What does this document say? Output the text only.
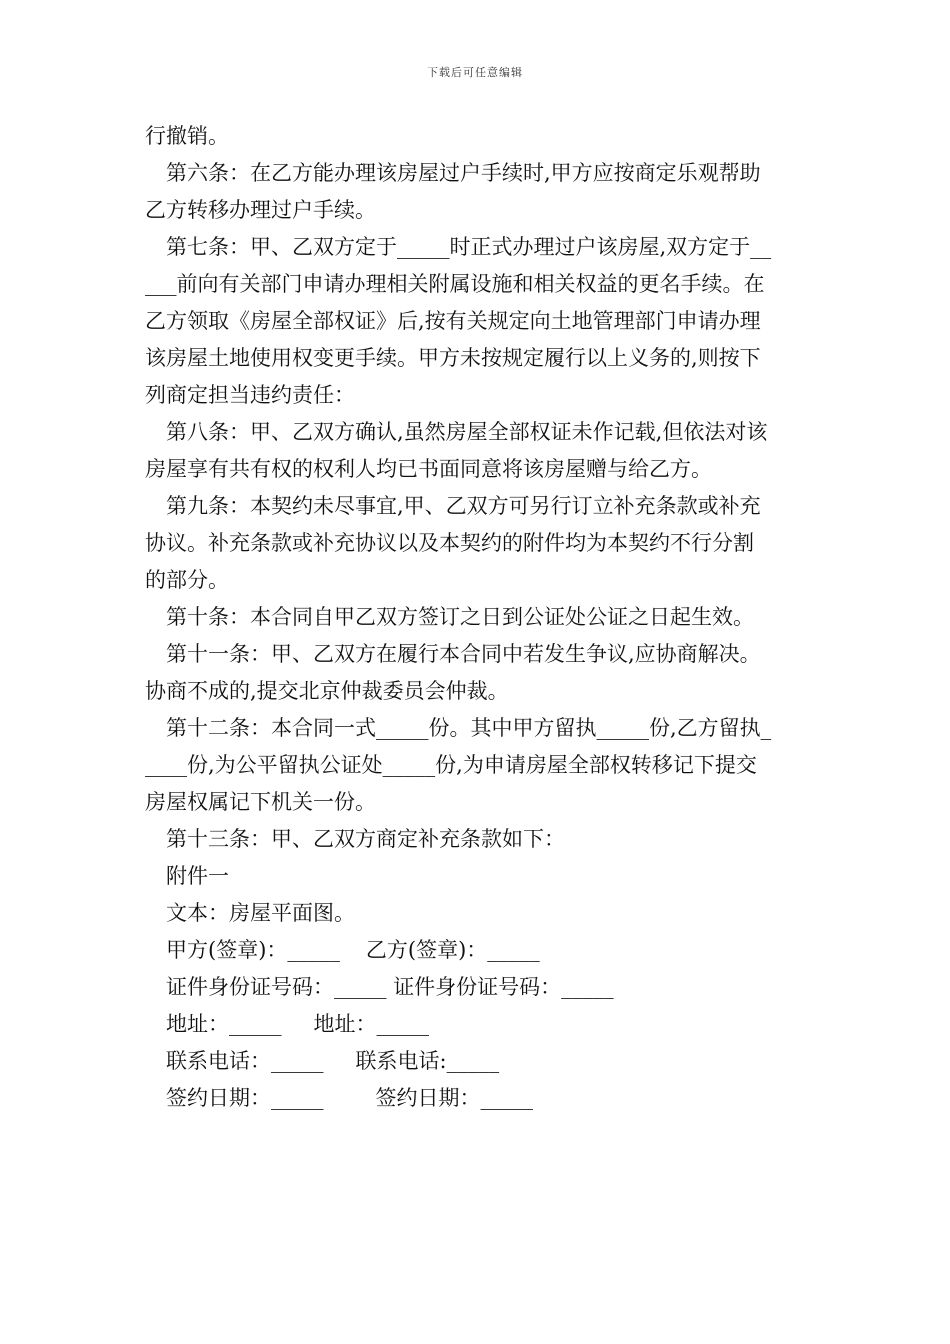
下载后可任意编辑
行撤销。
第六条：在乙方能办理该房屋过户手续时,甲方应按商定乐观帮助
乙方转移办理过户手续。
第七条：甲、乙双方定于_____时正式办理过户该房屋,双方定于__
___前向有关部门申请办理相关附属设施和相关权益的更名手续。在
乙方领取《房屋全部权证》后,按有关规定向土地管理部门申请办理
该房屋土地使用权变更手续。甲方未按规定履行以上义务的,则按下
列商定担当违约责任：
第八条：甲、乙双方确认,虽然房屋全部权证未作记载,但依法对该
房屋享有共有权的权利人均已书面同意将该房屋赠与给乙方。
第九条：本契约未尽事宜,甲、乙双方可另行订立补充条款或补充
协议。补充条款或补充协议以及本契约的附件均为本契约不行分割
的部分。
第十条：本合同自甲乙双方签订之日到公证处公证之日起生效。
第十一条：甲、乙双方在履行本合同中若发生争议,应协商解决。
协商不成的,提交北京仲裁委员会仲裁。
第十二条：本合同一式_____份。其中甲方留执_____份,乙方留执_
____份,为公平留执公证处_____份,为申请房屋全部权转移记下提交
房屋权属记下机关一份。
第十三条：甲、乙双方商定补充条款如下：
附件一
文本：房屋平面图。
甲方(签章)：_____ 乙方(签章)：_____
证件身份证号码：_____ 证件身份证号码：_____
地址：_____ 地址：_____
联系电话：_____ 联系电话:_____
签约日期：_____ 签约日期：_____
